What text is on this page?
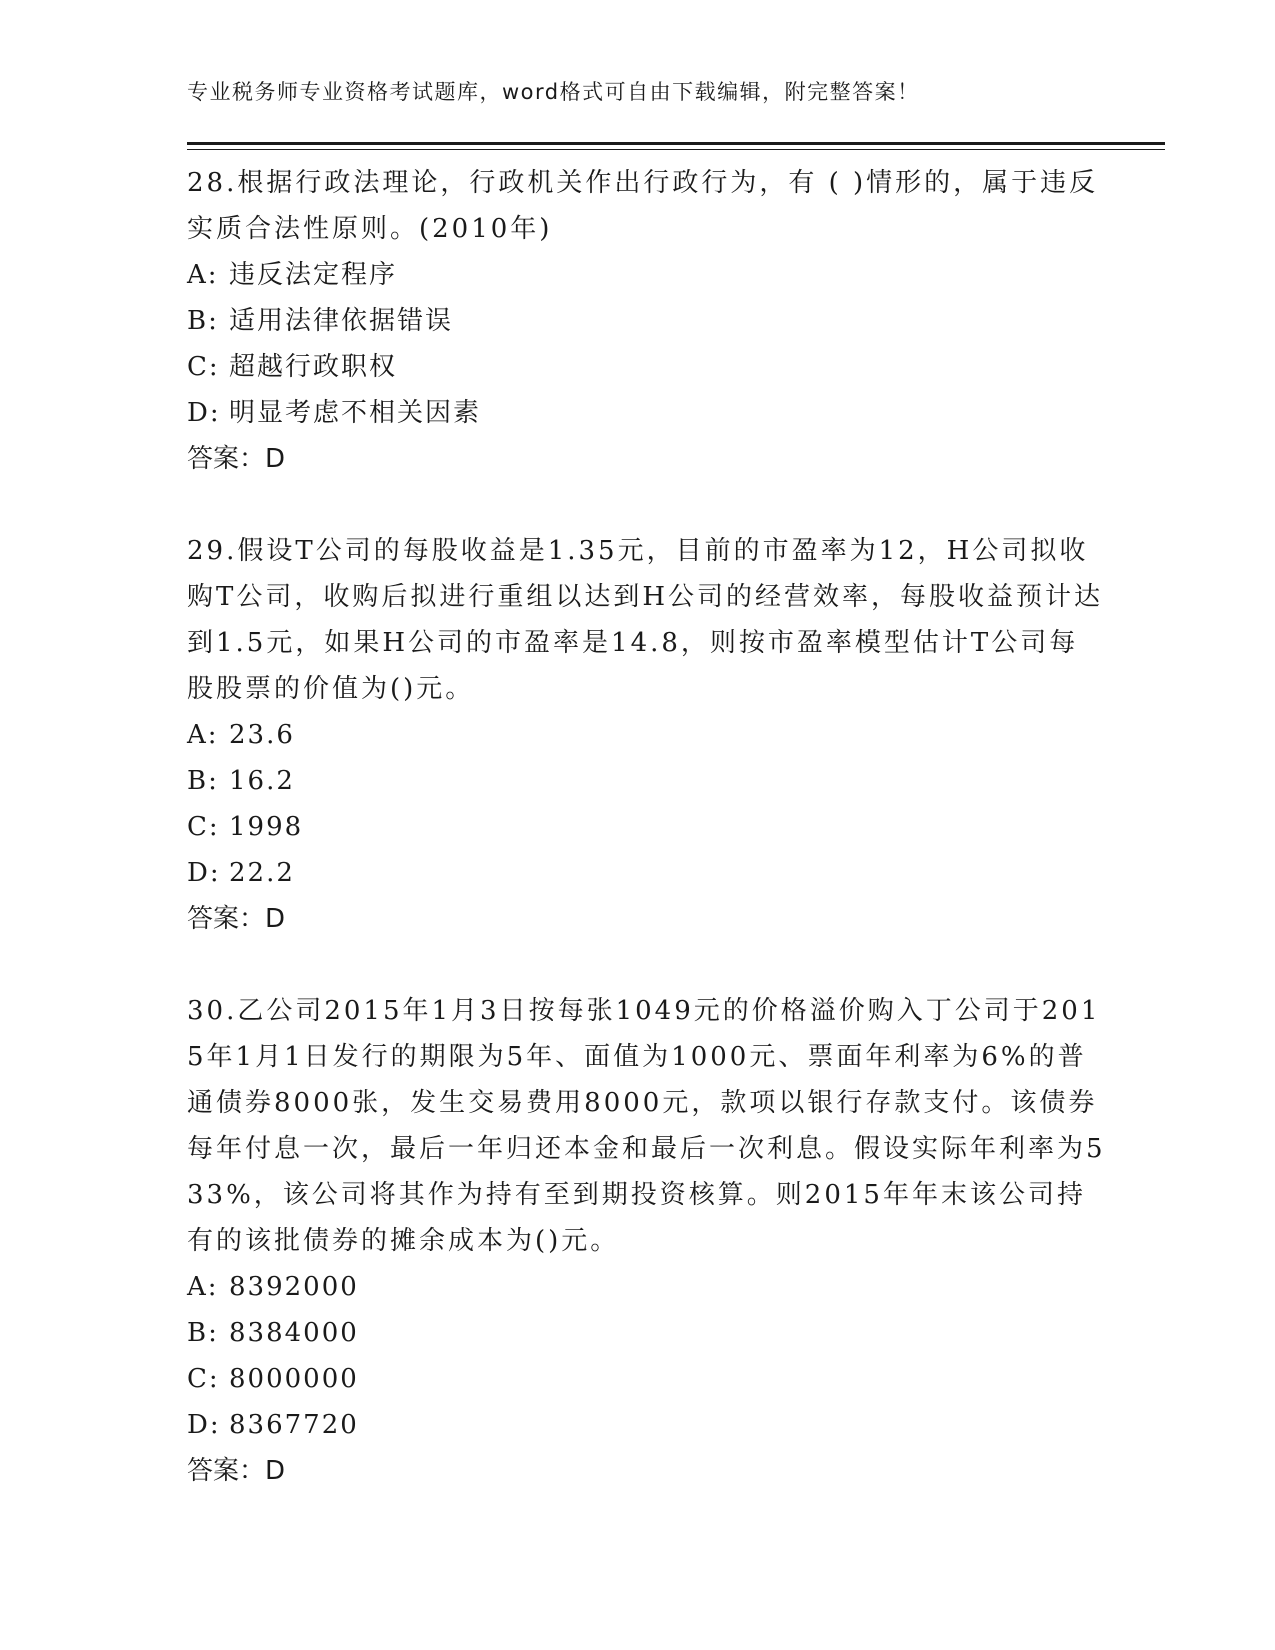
专业税务师专业资格考试题库，word格式可自由下载编辑，附完整答案！

28.根据行政法理论，行政机关作出行政行为，有 ( )情形的，属于违反实质合法性原则。(2010年)

A: 违反法定程序
B: 适用法律依据错误
C: 超越行政职权
D: 明显考虑不相关因素
答案：D

29.假设T公司的每股收益是1.35元，目前的市盈率为12，H公司拟收购T公司，收购后拟进行重组以达到H公司的经营效率，每股收益预计达到1.5元，如果H公司的市盈率是14.8，则按市盈率模型估计T公司每股股票的价值为()元。

A: 23.6
B: 16.2
C: 1998
D: 22.2
答案：D

30.乙公司2015年1月3日按每张1049元的价格溢价购入丁公司于2015年1月1日发行的期限为5年、面值为1000元、票面年利率为6%的普通债券8000张，发生交易费用8000元，款项以银行存款支付。该债券每年付息一次，最后一年归还本金和最后一次利息。假设实际年利率为533%，该公司将其作为持有至到期投资核算。则2015年年末该公司持有的该批债券的摊余成本为()元。

A: 8392000
B: 8384000
C: 8000000
D: 8367720
答案：D
